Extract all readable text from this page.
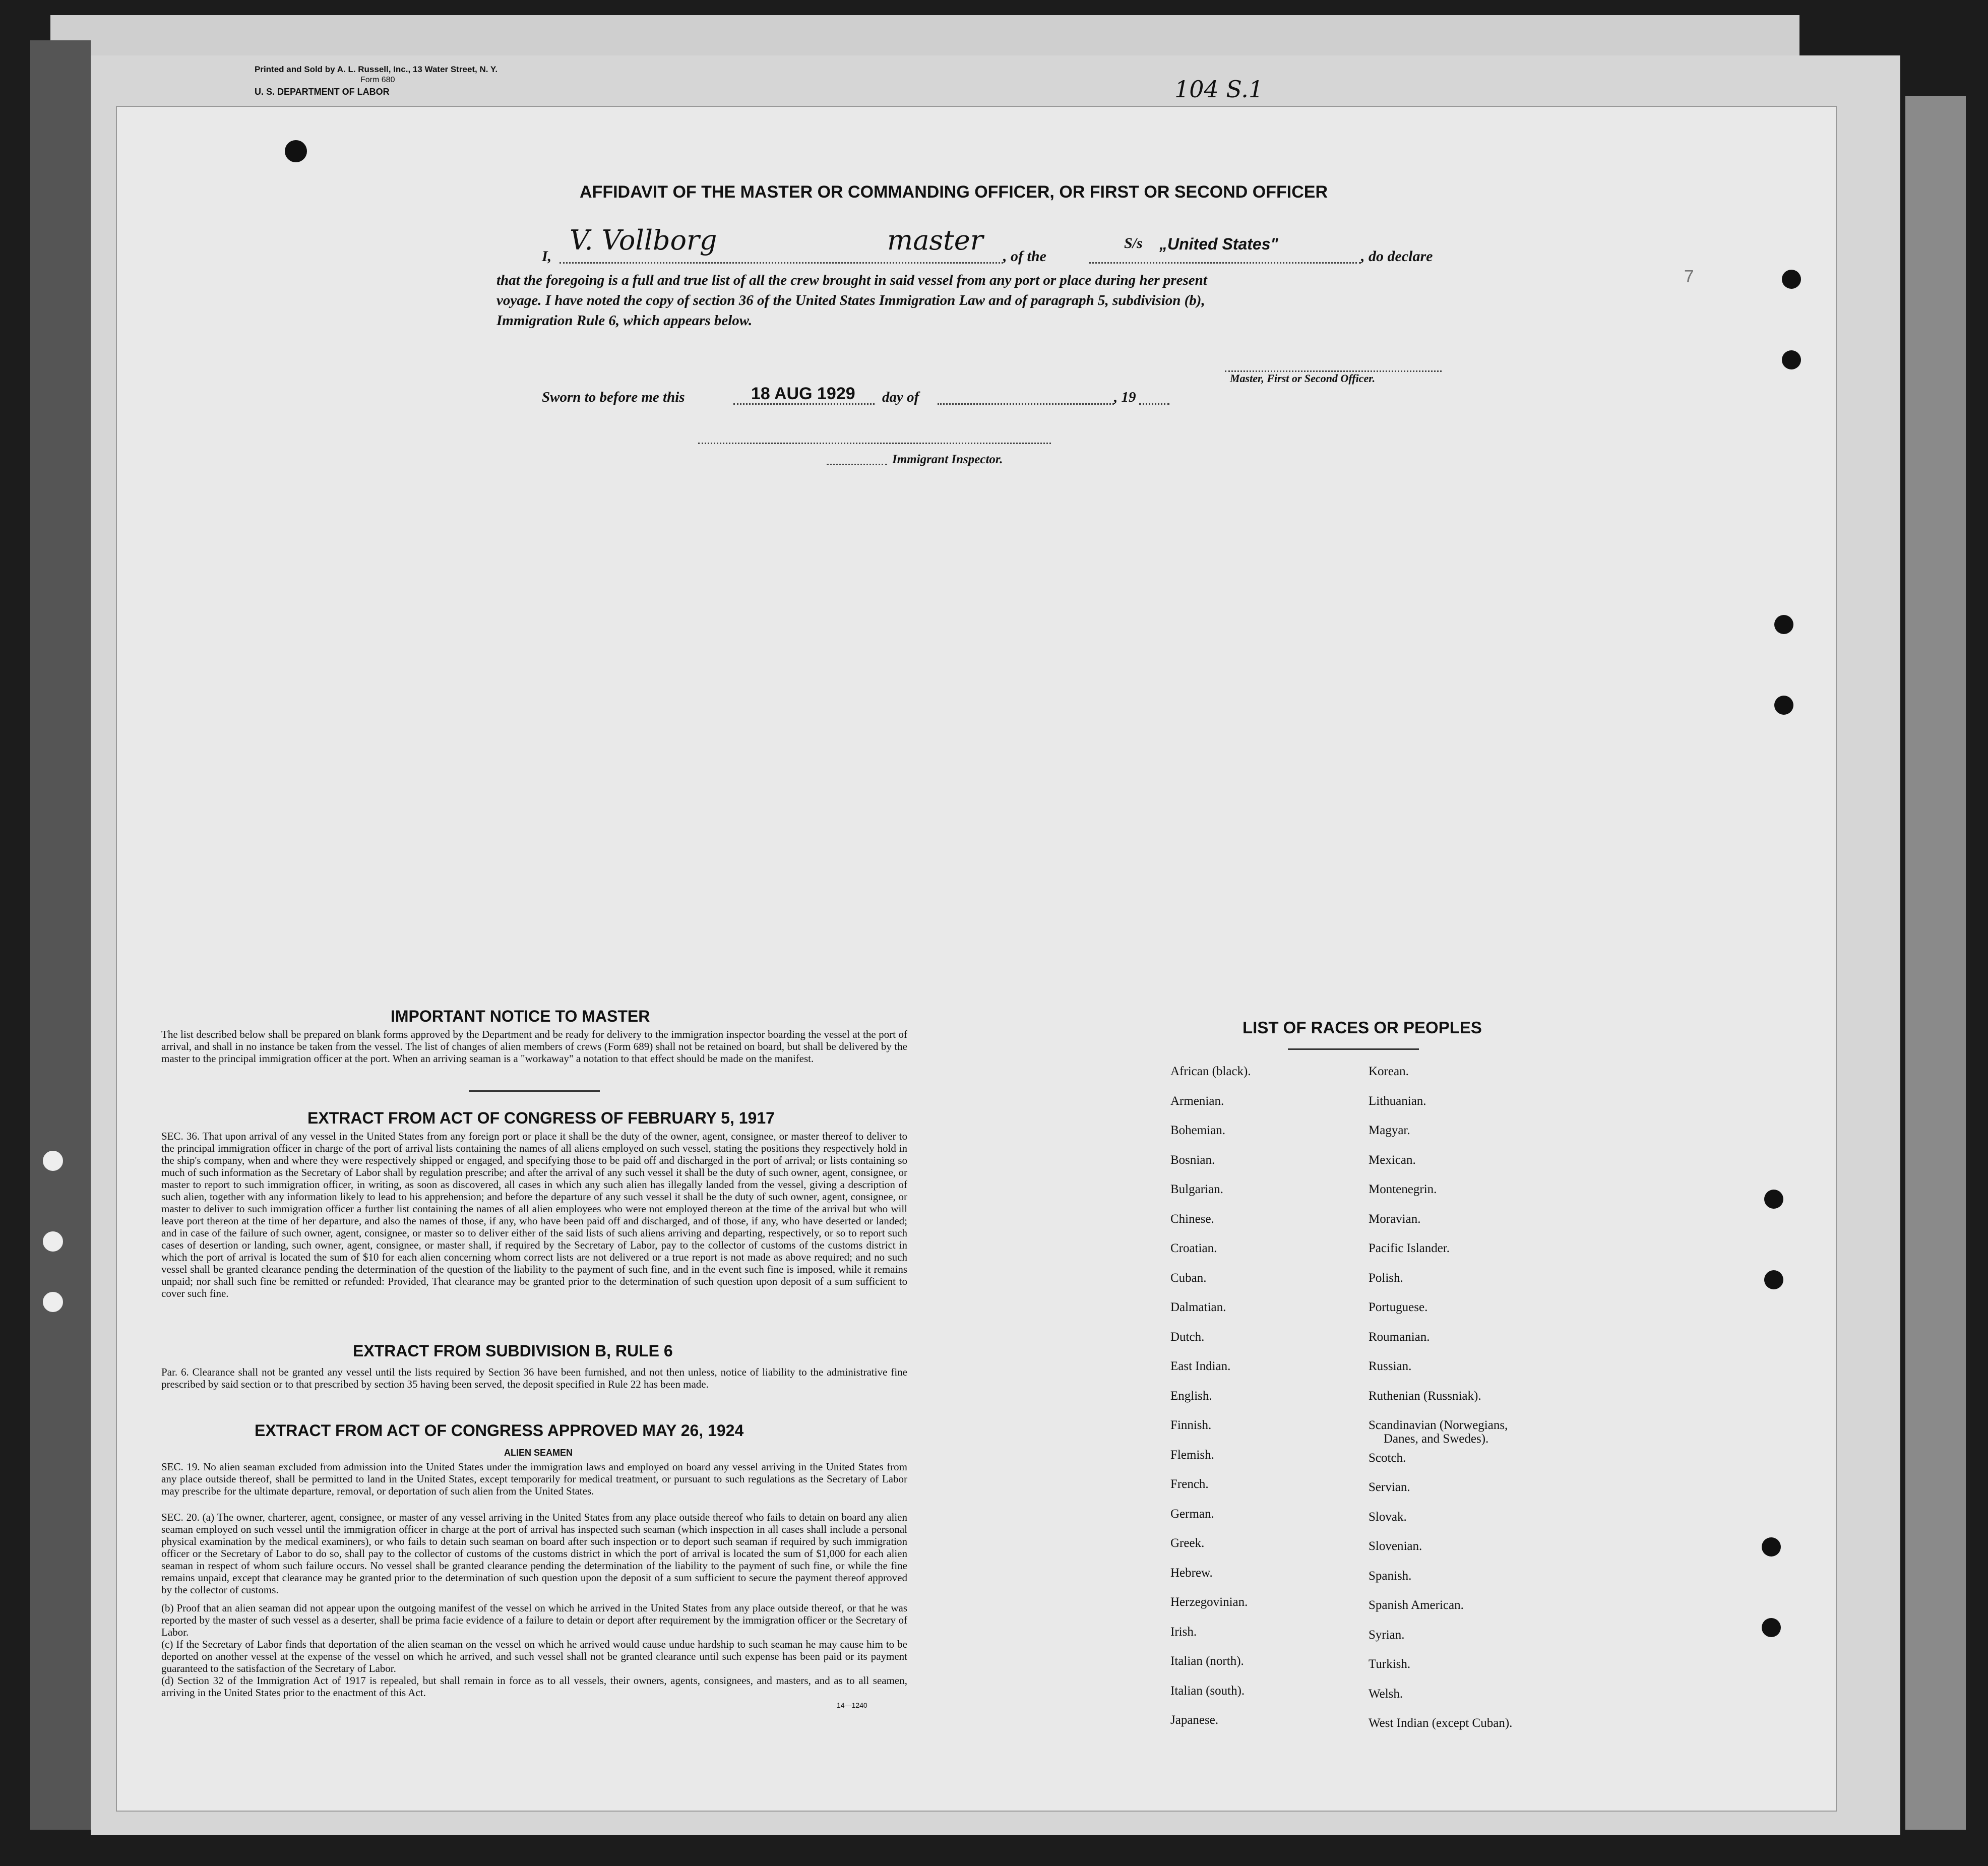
Printed and Sold by A. L. Russell, Inc., 13 Water Street, N. Y.
Form 680
U. S. DEPARTMENT OF LABOR	104 S.1
7
AFFIDAVIT OF THE MASTER OR COMMANDING OFFICER, OR FIRST OR SECOND OFFICER
I,
V. Vollborg	master
, of the
S/s „United States"
, do declare
that the foregoing is a full and true list of all the crew brought in said vessel from any port or place during her present
voyage. I have noted the copy of section 36 of the United States Immigration Law and of paragraph 5, subdivision (b),
Immigration Rule 6, which appears below.
Master, First or Second Officer.
Sworn to before me this	18 AUG 1929 day of	, 19
Immigrant Inspector.
IMPORTANT NOTICE TO MASTER
The list described below shall be prepared on blank forms approved by the Department and be ready for delivery to the immigration inspector boarding the vessel at the port of arrival, and shall in no instance be taken from the vessel. The list of changes of alien members of crews (Form 689) shall not be retained on board, but shall be delivered by the master to the principal immigration officer at the port. When an arriving seaman is a "workaway" a notation to that effect should be made on the manifest.
EXTRACT FROM ACT OF CONGRESS OF FEBRUARY 5, 1917
SEC. 36. That upon arrival of any vessel in the United States from any foreign port or place it shall be the duty of the owner, agent, consignee, or master thereof to deliver to the principal immigration officer in charge of the port of arrival lists containing the names of all aliens employed on such vessel, stating the positions they respectively hold in the ship's company, when and where they were respectively shipped or engaged, and specifying those to be paid off and discharged in the port of arrival; or lists containing so much of such information as the Secretary of Labor shall by regulation prescribe; and after the arrival of any such vessel it shall be the duty of such owner, agent, consignee, or master to report to such immigration officer, in writing, as soon as discovered, all cases in which any such alien has illegally landed from the vessel, giving a description of such alien, together with any information likely to lead to his apprehension; and before the departure of any such vessel it shall be the duty of such owner, agent, consignee, or master to deliver to such immigration officer a further list containing the names of all alien employees who were not employed thereon at the time of the arrival but who will leave port thereon at the time of her departure, and also the names of those, if any, who have been paid off and discharged, and of those, if any, who have deserted or landed; and in case of the failure of such owner, agent, consignee, or master so to deliver either of the said lists of such aliens arriving and departing, respectively, or so to report such cases of desertion or landing, such owner, agent, consignee, or master shall, if required by the Secretary of Labor, pay to the collector of customs of the customs district in which the port of arrival is located the sum of $10 for each alien concerning whom correct lists are not delivered or a true report is not made as above required; and no such vessel shall be granted clearance pending the determination of the question of the liability to the payment of such fine, and in the event such fine is imposed, while it remains unpaid; nor shall such fine be remitted or refunded: Provided, That clearance may be granted prior to the determination of such question upon deposit of a sum sufficient to cover such fine.
EXTRACT FROM SUBDIVISION B, RULE 6
Par. 6. Clearance shall not be granted any vessel until the lists required by Section 36 have been furnished, and not then unless, notice of liability to the administrative fine prescribed by said section or to that prescribed by section 35 having been served, the deposit specified in Rule 22 has been made.
EXTRACT FROM ACT OF CONGRESS APPROVED MAY 26, 1924
ALIEN SEAMEN
SEC. 19. No alien seaman excluded from admission into the United States under the immigration laws and employed on board any vessel arriving in the United States from any place outside thereof, shall be permitted to land in the United States, except temporarily for medical treatment, or pursuant to such regulations as the Secretary of Labor may prescribe for the ultimate departure, removal, or deportation of such alien from the United States.
SEC. 20. (a) The owner, charterer, agent, consignee, or master of any vessel arriving in the United States from any place outside thereof who fails to detain on board any alien seaman employed on such vessel until the immigration officer in charge at the port of arrival has inspected such seaman (which inspection in all cases shall include a personal physical examination by the medical examiners), or who fails to detain such seaman on board after such inspection or to deport such seaman if required by such immigration officer or the Secretary of Labor to do so, shall pay to the collector of customs of the customs district in which the port of arrival is located the sum of $1,000 for each alien seaman in respect of whom such failure occurs. No vessel shall be granted clearance pending the determination of the liability to the payment of such fine, or while the fine remains unpaid, except that clearance may be granted prior to the determination of such question upon the deposit of a sum sufficient to secure the payment thereof approved by the collector of customs.
(b) Proof that an alien seaman did not appear upon the outgoing manifest of the vessel on which he arrived in the United States from any place outside thereof, or that he was reported by the master of such vessel as a deserter, shall be prima facie evidence of a failure to detain or deport after requirement by the immigration officer or the Secretary of Labor.
(c) If the Secretary of Labor finds that deportation of the alien seaman on the vessel on which he arrived would cause undue hardship to such seaman he may cause him to be deported on another vessel at the expense of the vessel on which he arrived, and such vessel shall not be granted clearance until such expense has been paid or its payment guaranteed to the satisfaction of the Secretary of Labor.
(d) Section 32 of the Immigration Act of 1917 is repealed, but shall remain in force as to all vessels, their owners, agents, consignees, and masters, and as to all seamen, arriving in the United States prior to the enactment of this Act.
14—1240
LIST OF RACES OR PEOPLES
African (black).
Armenian.
Bohemian.
Bosnian.
Bulgarian.
Chinese.
Croatian.
Cuban.
Dalmatian.
Dutch.
East Indian.
English.
Finnish.
Flemish.
French.
German.
Greek.
Hebrew.
Herzegovinian.
Irish.
Italian (north).
Italian (south).
Japanese.
Korean.
Lithuanian.
Magyar.
Mexican.
Montenegrin.
Moravian.
Pacific Islander.
Polish.
Portuguese.
Roumanian.
Russian.
Ruthenian (Russniak).
Scandinavian (Norwegians,
Scotch.
Servian.
Slovak.
Slovenian.
Spanish.
Spanish American.
Syrian.
Turkish.
Welsh.
West Indian (except Cuban).
Danes, and Swedes).
